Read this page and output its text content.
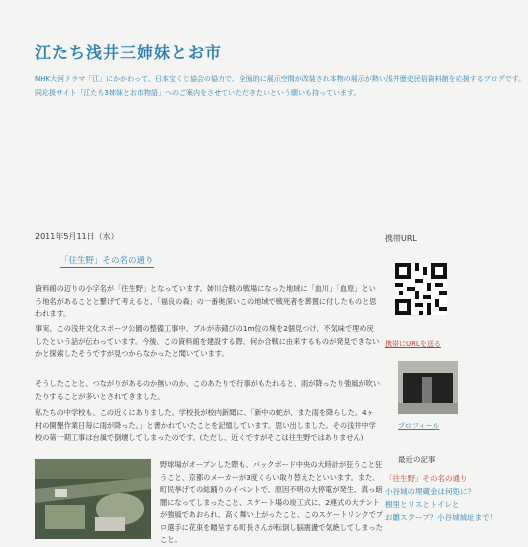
江たち浅井三姉妹とお市
NHK大河ドラマ「江」にかかわって、日本宝くじ協会の協力で、全面的に展示空間が改装され本物の展示が熱い浅井歴史民俗資料館を応援するブログです。
同応援サイト「江たち3姉妹とお市物語」へのご案内をさせていただきたいという願いも持っています。
2011年5月11日（水）
「往生野」その名の通り

資料館の辺りの小字名が「往生野」となっています。姉川合戦の戦場になった地域に「血川」「血原」という地名があることと繋げて考えると、「福良の森」の一番奥深いこの地域で戦死者を葬置に付したものと思われます。

事実、この浅井文化スポーツ公園の整備工事中、ブルが赤錆びの1m位の塊を2個見つけ、不気味で埋め戻したという話が伝わっています。今後、この資料館を建設する際、何か合戦に由来するものが発見できないかと探索したそうですが見つからなかったと聞いています。

そうしたことと、つながりがあるのか無いのか、このあたりで行事がもたれると、雨が降ったり強風が吹いたりすることが多いとされてきました。

私たちの中学校も、この近くにありました。学校長が校内新聞に、「新中の蛇が、また雨を降らした。4ヶ村の開墾作業日毎に雨が降った。」と書かれていたことを記憶しています。思い出しました。その浅井中学校の第一期工事は台風で倒壊してしまったのです。(ただし、近くですがそこは往生野ではありません)

野球場がオープンした際も、パックボード中央の大時計が狂うこと狂うこと、京都のメーカーが3度くらい取り替えたといいます。また、町民挙げての総踊りのイベントで、原因不明の大停電が発生、真っ暗闇になってしまったこと、スケート場の竣工式に、2連式の大テントが強風であおられ、高く舞い上がったこと、このスケートリンクでプロ選手に花束を贈呈する町長さんが転倒し脳震盪で気絶してしまったこと。

携帯URL
携帯にURLを送る
プロフィール
最近の記事
「往生野」その名の通り
小谷城の埋蔵金は何処に？
樹里とリスとトイレと
お雛スクープ？小谷城城址まで！
